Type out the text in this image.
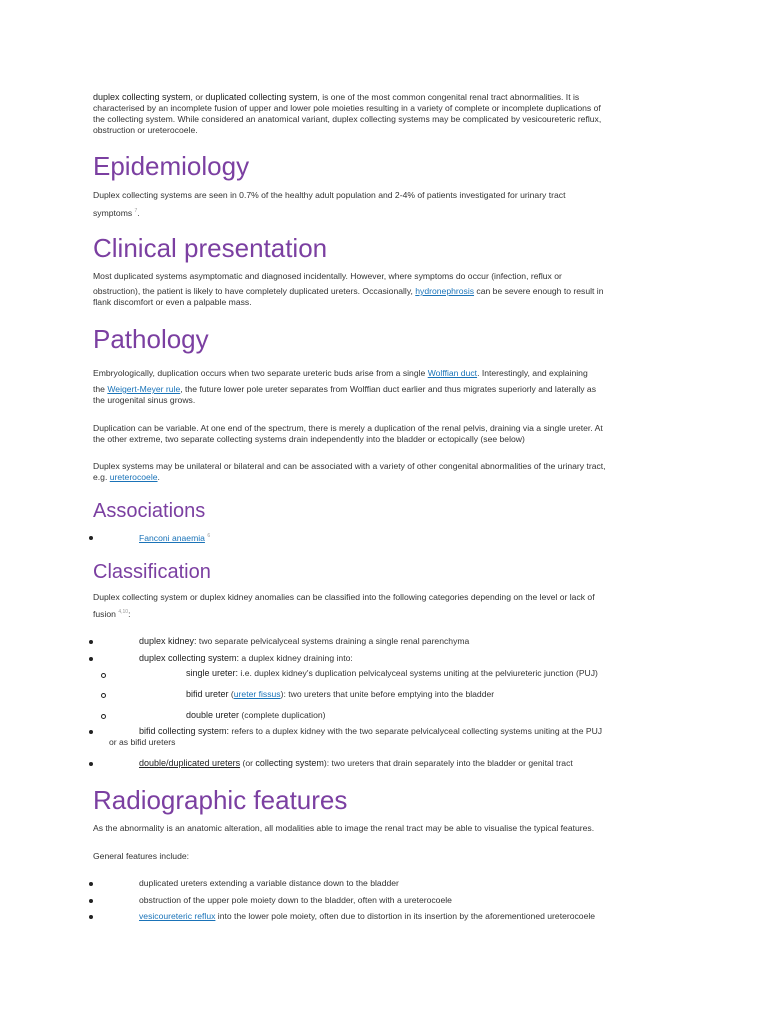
duplex collecting system, or duplicated collecting system, is one of the most common congenital renal tract abnormalities. It is

characterised by an incomplete fusion of upper and lower pole moieties resulting in a variety of complete or incomplete duplications of

the collecting system. While considered an anatomical variant, duplex collecting systems may be complicated by vesicoureteric reflux,

obstruction or ureterocoele.

Epidemiology

Duplex collecting systems are seen in 0.7% of the healthy adult population and 2-4% of patients investigated for urinary tract

symptoms $^7$.

Clinical presentation

Most duplicated systems asymptomatic and diagnosed incidentally. However, where symptoms do occur (infection, reflux or

obstruction), the patient is likely to have completely duplicated ureters. Occasionally, hydronephrosis can be severe enough to result in

flank discomfort or even a palpable mass.

Pathology

Embryologically, duplication occurs when two separate ureteric buds arise from a single Wolffian duct. Interestingly, and explaining

the Weigert-Meyer rule, the future lower pole ureter separates from Wolffian duct earlier and thus migrates superiorly and laterally as

the urogenital sinus grows.

Duplication can be variable. At one end of the spectrum, there is merely a duplication of the renal pelvis, draining via a single ureter. At

the other extreme, two separate collecting systems drain independently into the bladder or ectopically (see below)

Duplex systems may be unilateral or bilateral and can be associated with a variety of other congenital abnormalities of the urinary tract,

e.g. ureterocoele.

Associations
Fanconi anaemia $^6$
Classification

Duplex collecting system or duplex kidney anomalies can be classified into the following categories depending on the level or lack of

fusion $^{4,10}$:

duplex kidney: two separate pelvicalyceal systems draining a single renal parenchyma
duplex collecting system: a duplex kidney draining into:
single ureter: i.e. duplex kidney's duplication pelvicalyceal systems uniting at the pelviureteric junction (PUJ)
bifid ureter (ureter fissus): two ureters that unite before emptying into the bladder
double ureter (complete duplication)

bifid collecting system: refers to a duplex kidney with the two separate pelvicalyceal collecting systems uniting at the PUJ

or as bifid ureters

double/duplicated ureters (or collecting system): two ureters that drain separately into the bladder or genital tract
Radiographic features

As the abnormality is an anatomic alteration, all modalities able to image the renal tract may be able to visualise the typical features.

General features include:

duplicated ureters extending a variable distance down to the bladder
obstruction of the upper pole moiety down to the bladder, often with a ureterocoele
vesicoureteric reflux into the lower pole moiety, often due to distortion in its insertion by the aforementioned ureterocoele
